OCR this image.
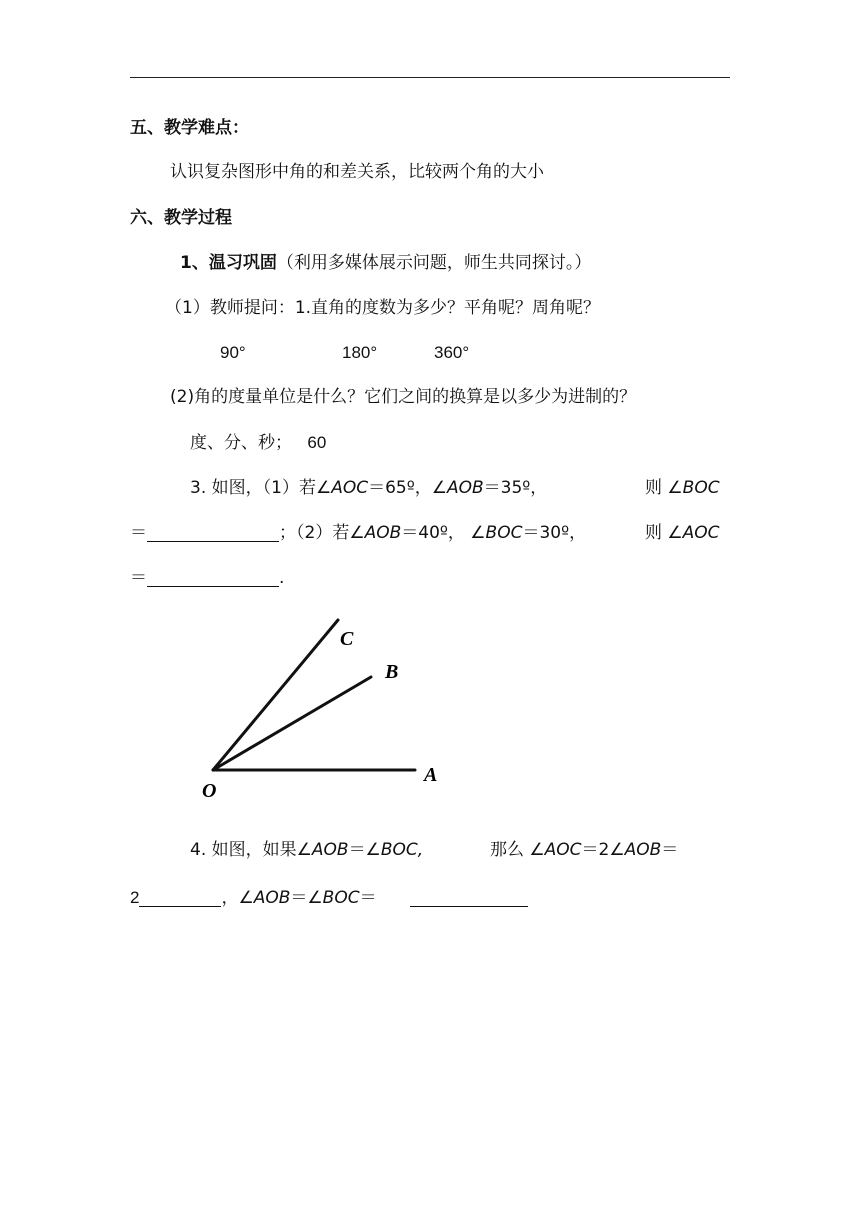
五、教学难点：
认识复杂图形中角的和差关系，比较两个角的大小
六、教学过程
1、温习巩固（利用多媒体展示问题，师生共同探讨。）
（1）教师提问：1.直角的度数为多少？平角呢？周角呢？
90°	180°	360°
(2)角的度量单位是什么？它们之间的换算是以多少为进制的？
度、分、秒； 60
3. 如图，（1）若∠AOC＝65º，∠AOB＝35º，	则 ∠BOC
＝	；（2）若∠AOB＝40º， ∠BOC＝30º，	则 ∠AOC
＝	.
C
B
A
O
4. 如图，如果∠AOB＝∠BOC,	那么 ∠AOC＝2∠AOB＝
2	，∠AOB＝∠BOC＝
